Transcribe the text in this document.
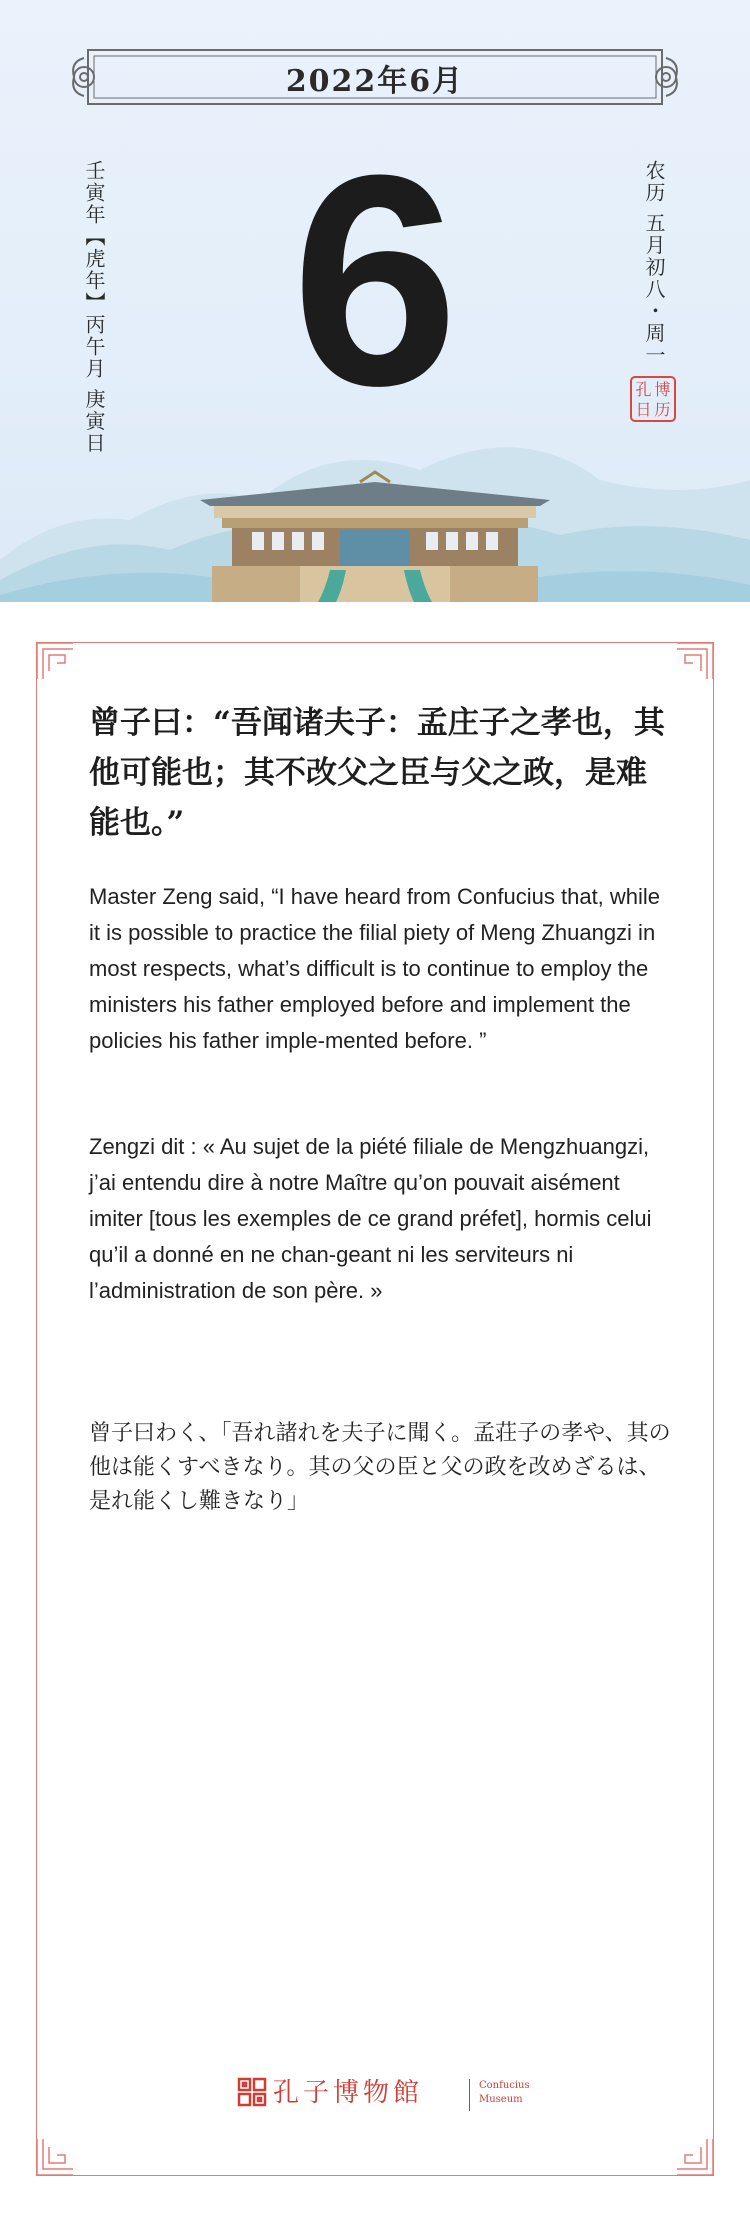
2022年6月
6
壬寅年【虎年】丙午月 庚寅日	农历 五月初八・周一
孔 博
日 历

曾子曰：“吾闻诸夫子：孟庄子之孝也，其他可能也；其不改父之臣与父之政，是难能也。”

Master Zeng said, “I have heard from Confucius that, while it is possible to practice the filial piety of Meng Zhuangzi in most respects, what’s difficult is to continue to employ the ministers his father employed before and implement the policies his father imple-mented before. ”

Zengzi dit : « Au sujet de la piété filiale de Mengzhuangzi, j’ai entendu dire à notre Maître qu’on pouvait aisément imiter [tous les exemples de ce grand préfet], hormis celui qu’il a donné en ne chan-geant ni les serviteurs ni l’administration de son père. »

曾子曰わく、「吾れ諸れを夫子に聞く。孟荘子の孝や、其の他は能くすべきなり。其の父の臣と父の政を改めざるは、是れ能くし難きなり」

孔子博物館	Confucius
Museum
